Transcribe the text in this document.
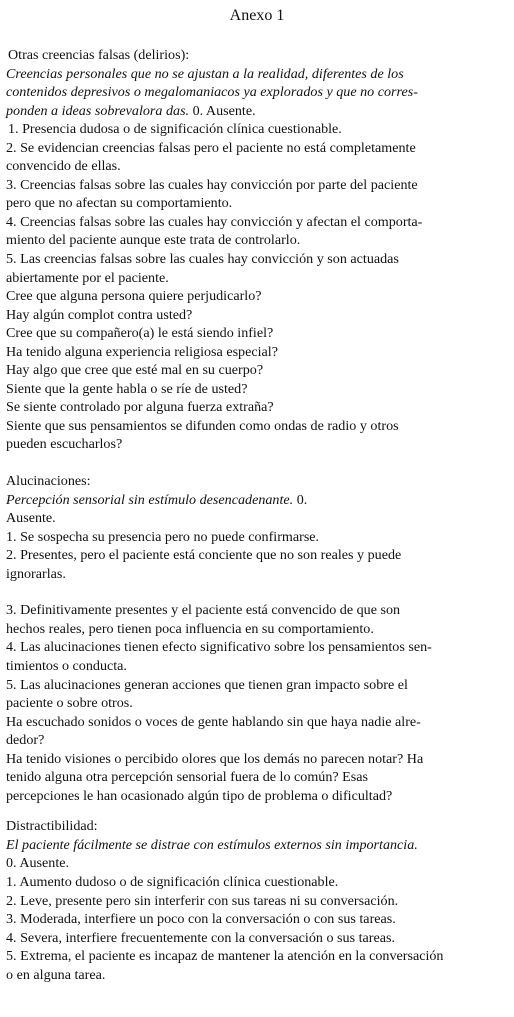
Anexo 1
Otras creencias falsas (delirios):
Creencias personales que no se ajustan a la realidad, diferentes de los
contenidos depresivos o megalomaniacos ya explorados y que no corres-
ponden a ideas sobrevalora das. 0. Ausente.
1. Presencia dudosa o de significación clínica cuestionable.
2. Se evidencian creencias falsas pero el paciente no está completamente
convencido de ellas.
3. Creencias falsas sobre las cuales hay convicción por parte del paciente
pero que no afectan su comportamiento.
4. Creencias falsas sobre las cuales hay convicción y afectan el comporta-
miento del paciente aunque este trata de controlarlo.
5. Las creencias falsas sobre las cuales hay convicción y son actuadas
abiertamente por el paciente.
Cree que alguna persona quiere perjudicarlo?
Hay algún complot contra usted?
Cree que su compañero(a) le está siendo infiel?
Ha tenido alguna experiencia religiosa especial?
Hay algo que cree que esté mal en su cuerpo?
Siente que la gente habla o se ríe de usted?
Se siente controlado por alguna fuerza extraña?
Siente que sus pensamientos se difunden como ondas de radio y otros
pueden escucharlos?
Alucinaciones:
Percepción sensorial sin estímulo desencadenante. 0.
Ausente.
1. Se sospecha su presencia pero no puede confirmarse.
2. Presentes, pero el paciente está conciente que no son reales y puede
ignorarlas.
3. Definitivamente presentes y el paciente está convencido de que son
hechos reales, pero tienen poca influencia en su comportamiento.
4. Las alucinaciones tienen efecto significativo sobre los pensamientos sen-
timientos o conducta.
5. Las alucinaciones generan acciones que tienen gran impacto sobre el
paciente o sobre otros.
Ha escuchado sonidos o voces de gente hablando sin que haya nadie alre-
dedor?
Ha tenido visiones o percibido olores que los demás no parecen notar? Ha
tenido alguna otra percepción sensorial fuera de lo común? Esas
percepciones le han ocasionado algún tipo de problema o dificultad?
Distractibilidad:
El paciente fácilmente se distrae con estímulos externos sin importancia.
0. Ausente.
1. Aumento dudoso o de significación clínica cuestionable.
2. Leve, presente pero sin interferir con sus tareas ni su conversación.
3. Moderada, interfiere un poco con la conversación o con sus tareas.
4. Severa, interfiere frecuentemente con la conversación o sus tareas.
5. Extrema, el paciente es incapaz de mantener la atención en la conversación
o en alguna tarea.
